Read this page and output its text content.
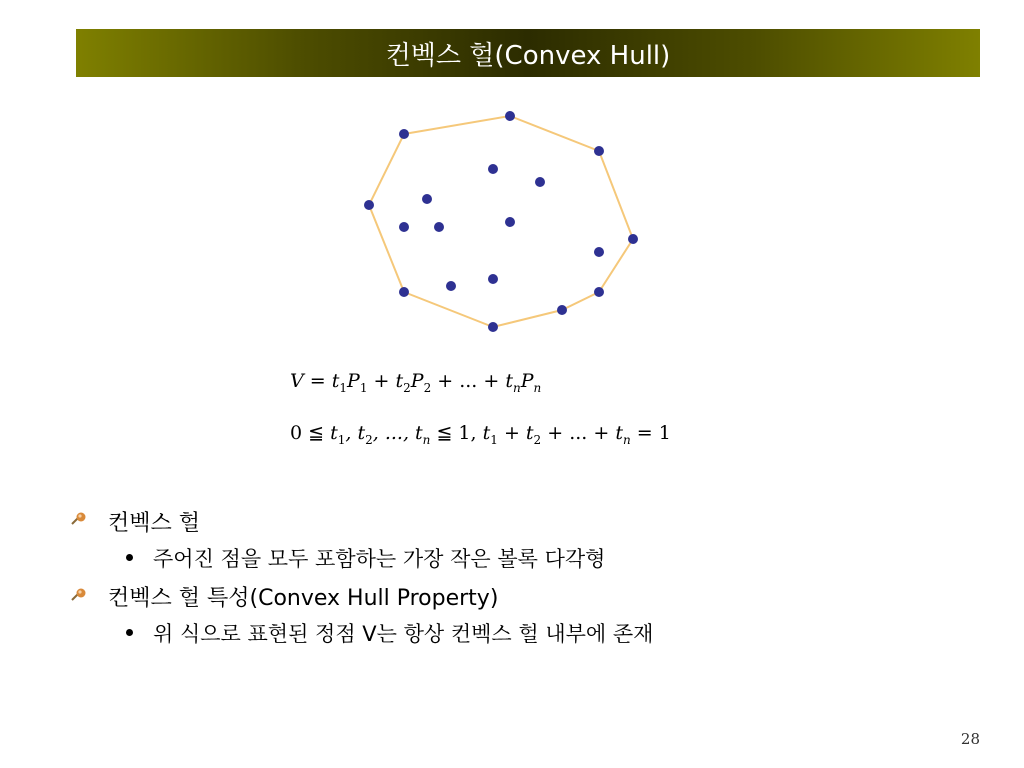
컨벡스 헐(Convex Hull)
$V = t_1P_1 + t_2P_2$ + ... + $t_nP_n$
0 ≦ $t_1$, $t_2$, ..., $t_n$ ≦ 1, $t_1 + t_2$ + ... + $t_n = 1$
컨벡스 헐
주어진 점을 모두 포함하는 가장 작은 볼록 다각형
컨벡스 헐 특성(Convex Hull Property)
위 식으로 표현된 정점 V는 항상 컨벡스 헐 내부에 존재
28
